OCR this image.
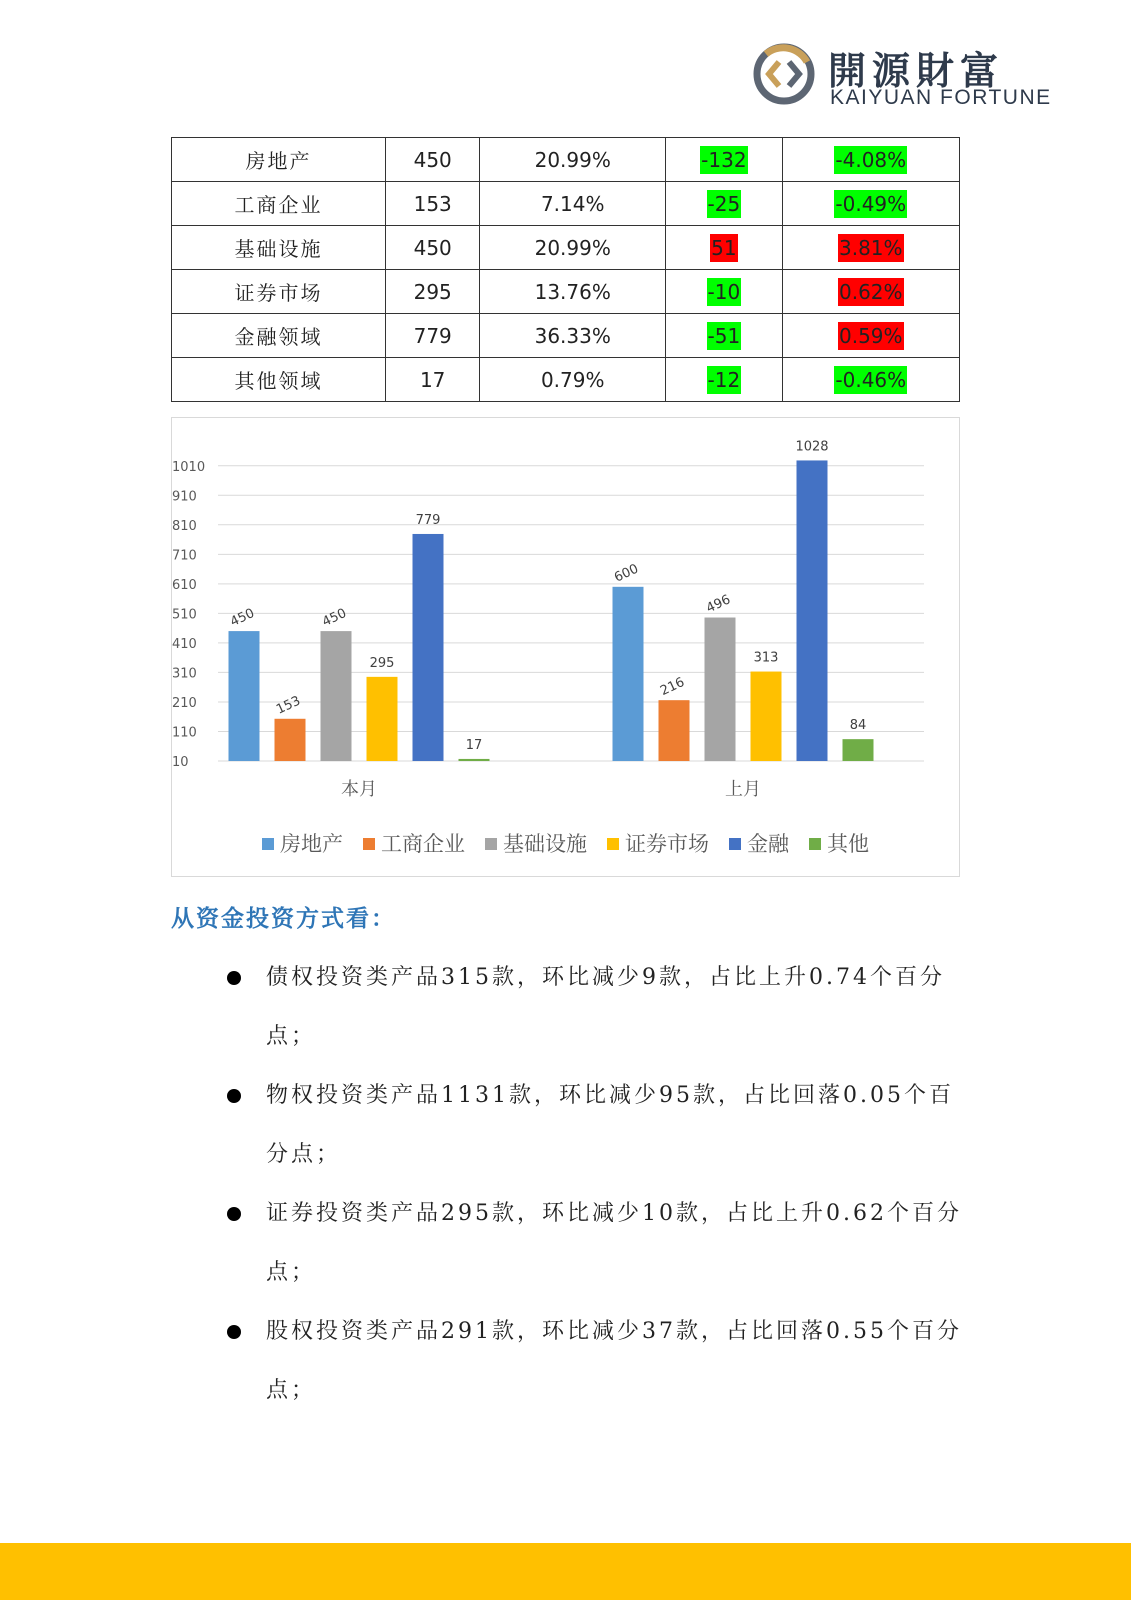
開源財富
KAIYUAN FORTUNE
房地产	450	20.99%	-132	-4.08%
工商企业	153	7.14%	-25	-0.49%
基础设施	450	20.99%	51	3.81%
证券市场	295	13.76%	-10	0.62%
金融领域	779	36.33%	-51	0.59%
其他领域	17	0.79%	-12	-0.46%
10
110
210
310
410
510
610
710
810
910
1010
450
153
450
295
779
17
本月
600
216
496
313
1028
84
上月
房地产 工商企业 基础设施 证券市场 金融 其他
从资金投资方式看：
债权投资类产品315款，环比减少9款，占比上升0.74个百分点；
物权投资类产品1131款，环比减少95款，占比回落0.05个百分点；
证券投资类产品295款，环比减少10款，占比上升0.62个百分点；
股权投资类产品291款，环比减少37款，占比回落0.55个百分点；
